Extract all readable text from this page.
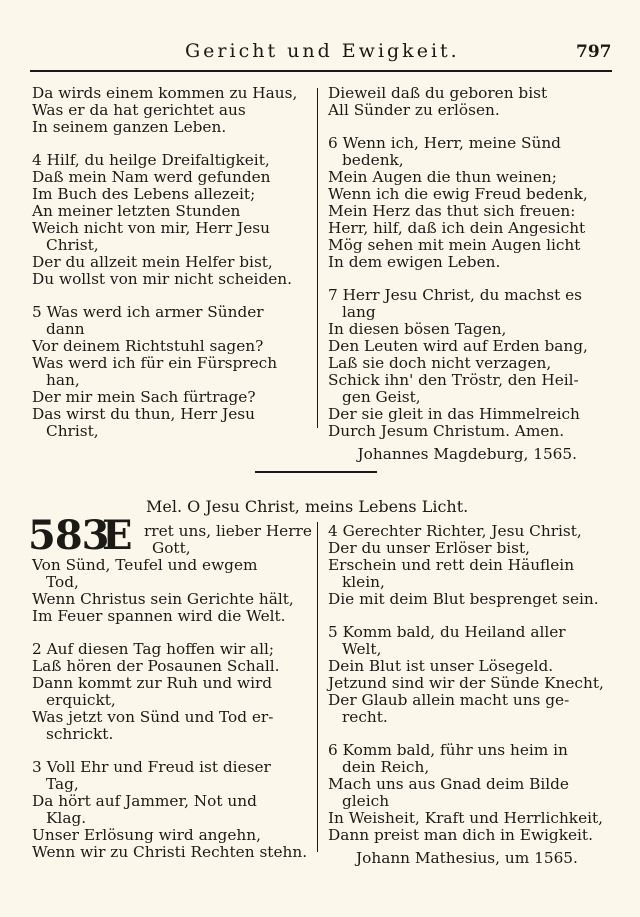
Gericht und Ewigkeit.	797
Da wirds einem kommen zu Haus,
Was er da hat gerichtet aus
In seinem ganzen Leben.
4 Hilf, du heilge Dreifaltigkeit,
Daß mein Nam werd gefunden
Im Buch des Lebens allezeit;
An meiner letzten Stunden
Weich nicht von mir, Herr Jesu
Christ,
Der du allzeit mein Helfer bist,
Du wollst von mir nicht scheiden.
5 Was werd ich armer Sünder
dann
Vor deinem Richtstuhl sagen?
Was werd ich für ein Fürsprech
han,
Der mir mein Sach fürtrage?
Das wirst du thun, Herr Jesu
Christ,
Dieweil daß du geboren bist
All Sünder zu erlösen.
6 Wenn ich, Herr, meine Sünd
bedenk,
Mein Augen die thun weinen;
Wenn ich die ewig Freud bedenk,
Mein Herz das thut sich freuen:
Herr, hilf, daß ich dein Angesicht
Mög sehen mit mein Augen licht
In dem ewigen Leben.
7 Herr Jesu Christ, du machst es
lang
In diesen bösen Tagen,
Den Leuten wird auf Erden bang,
Laß sie doch nicht verzagen,
Schick ihn' den Tröstr, den Heil-
gen Geist,
Der sie gleit in das Himmelreich
Durch Jesum Christum. Amen.
Johannes Magdeburg, 1565.
Mel. O Jesu Christ, meins Lebens Licht.
583
E rret uns, lieber Herre
Gott,
Von Sünd, Teufel und ewgem
Tod,
Wenn Christus sein Gerichte hält,
Im Feuer spannen wird die Welt.
2 Auf diesen Tag hoffen wir all;
Laß hören der Posaunen Schall.
Dann kommt zur Ruh und wird
erquickt,
Was jetzt von Sünd und Tod er-
schrickt.
3 Voll Ehr und Freud ist dieser
Tag,
Da hört auf Jammer, Not und
Klag.
Unser Erlösung wird angehn,
Wenn wir zu Christi Rechten stehn.
4 Gerechter Richter, Jesu Christ,
Der du unser Erlöser bist,
Erschein und rett dein Häuflein
klein,
Die mit deim Blut besprenget sein.
5 Komm bald, du Heiland aller
Welt,
Dein Blut ist unser Lösegeld.
Jetzund sind wir der Sünde Knecht,
Der Glaub allein macht uns ge-
recht.
6 Komm bald, führ uns heim in
dein Reich,
Mach uns aus Gnad deim Bilde
gleich
In Weisheit, Kraft und Herrlichkeit,
Dann preist man dich in Ewigkeit.
Johann Mathesius, um 1565.
